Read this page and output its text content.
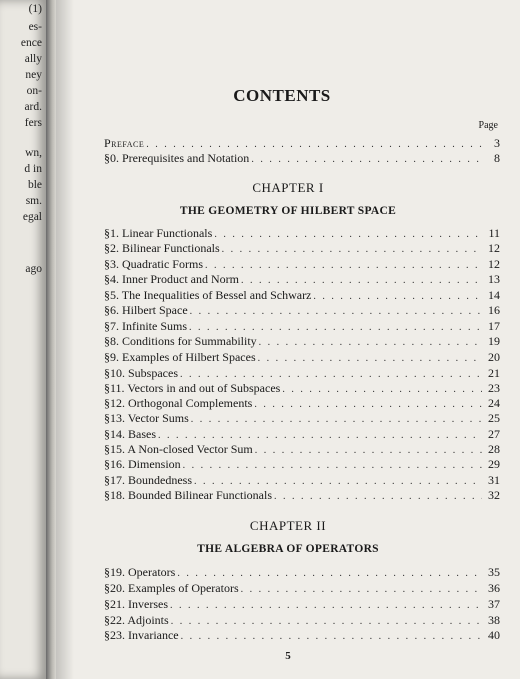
(1)
es-
ence
ally
ney
on-
ard.
fers
wn,
d in
ble
sm.
egal
ago
CONTENTS
Page
Preface . . .	3
§0. Prerequisites and Notation . . .	8
CHAPTER I
THE GEOMETRY OF HILBERT SPACE
§1. Linear Functionals . . .	11
§2. Bilinear Functionals . . .	12
§3. Quadratic Forms . . .	12
§4. Inner Product and Norm . . .	13
§5. The Inequalities of Bessel and Schwarz . . .	14
§6. Hilbert Space . . .	16
§7. Infinite Sums . . .	17
§8. Conditions for Summability . . .	19
§9. Examples of Hilbert Spaces . . .	20
§10. Subspaces . . .	21
§11. Vectors in and out of Subspaces . . .	23
§12. Orthogonal Complements . . .	24
§13. Vector Sums . . .	25
§14. Bases . . .	27
§15. A Non-closed Vector Sum . . .	28
§16. Dimension . . .	29
§17. Boundedness . . .	31
§18. Bounded Bilinear Functionals . . .	32
CHAPTER II
THE ALGEBRA OF OPERATORS
§19. Operators . . .	35
§20. Examples of Operators . . .	36
§21. Inverses . . .	37
§22. Adjoints . . .	38
§23. Invariance . . .	40
5
